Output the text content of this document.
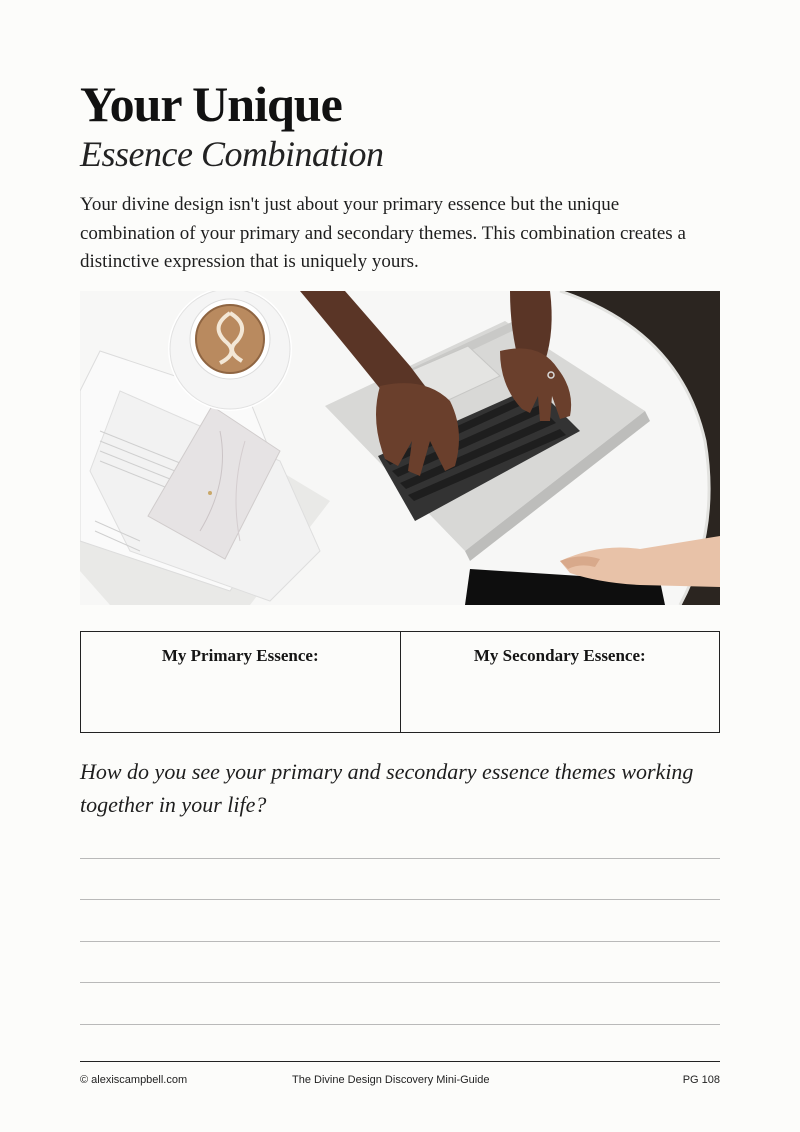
Your Unique
Essence Combination

Your divine design isn't just about your primary essence but the unique combination of your primary and secondary themes. This combination creates a distinctive expression that is uniquely yours.

My Primary Essence:	My Secondary Essence:

How do you see your primary and secondary essence themes working together in your life?

© alexiscampbell.com	The Divine Design Discovery Mini-Guide	PG 108
